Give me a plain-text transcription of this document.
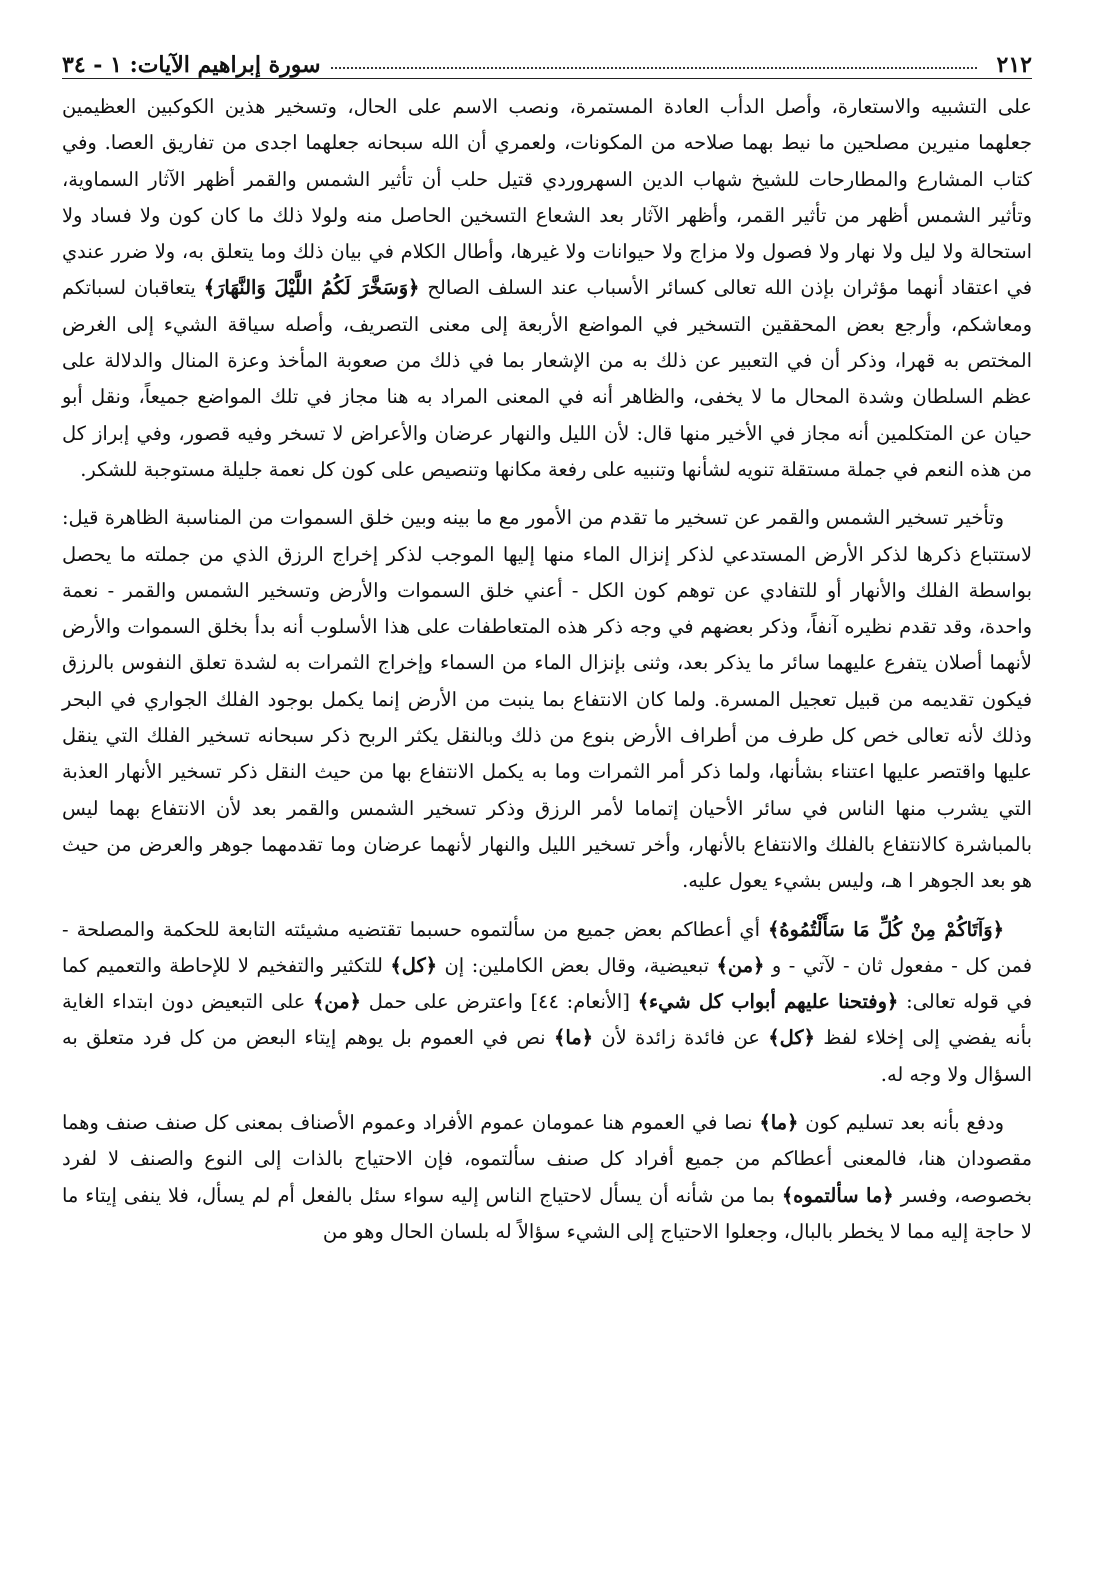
٢١٢
سورة إبراهيم الآيات: ١ - ٣٤

على التشبيه والاستعارة، وأصل الدأب العادة المستمرة، ونصب الاسم على الحال، وتسخير هذين الكوكبين العظيمين جعلهما منيرين مصلحين ما نيط بهما صلاحه من المكونات، ولعمري أن الله سبحانه جعلهما اجدى من تفاريق العصا. وفي كتاب المشارع والمطارحات للشيخ شهاب الدين السهروردي قتيل حلب أن تأثير الشمس والقمر أظهر الآثار السماوية، وتأثير الشمس أظهر من تأثير القمر، وأظهر الآثار بعد الشعاع التسخين الحاصل منه ولولا ذلك ما كان كون ولا فساد ولا استحالة ولا ليل ولا نهار ولا فصول ولا مزاج ولا حيوانات ولا غيرها، وأطال الكلام في بيان ذلك وما يتعلق به، ولا ضرر عندي في اعتقاد أنهما مؤثران بإذن الله تعالى كسائر الأسباب عند السلف الصالح ﴿وَسَخَّرَ لَكُمُ اللَّيْلَ وَالنَّهَارَ﴾ يتعاقبان لسباتكم ومعاشكم، وأرجع بعض المحققين التسخير في المواضع الأربعة إلى معنى التصريف، وأصله سياقة الشيء إلى الغرض المختص به قهرا، وذكر أن في التعبير عن ذلك به من الإشعار بما في ذلك من صعوبة المأخذ وعزة المنال والدلالة على عظم السلطان وشدة المحال ما لا يخفى، والظاهر أنه في المعنى المراد به هنا مجاز في تلك المواضع جميعاً، ونقل أبو حيان عن المتكلمين أنه مجاز في الأخير منها قال: لأن الليل والنهار عرضان والأعراض لا تسخر وفيه قصور، وفي إبراز كل من هذه النعم في جملة مستقلة تنويه لشأنها وتنبيه على رفعة مكانها وتنصيص على كون كل نعمة جليلة مستوجبة للشكر.

وتأخير تسخير الشمس والقمر عن تسخير ما تقدم من الأمور مع ما بينه وبين خلق السموات من المناسبة الظاهرة قيل: لاستتباع ذكرها لذكر الأرض المستدعي لذكر إنزال الماء منها إليها الموجب لذكر إخراج الرزق الذي من جملته ما يحصل بواسطة الفلك والأنهار أو للتفادي عن توهم كون الكل - أعني خلق السموات والأرض وتسخير الشمس والقمر - نعمة واحدة، وقد تقدم نظيره آنفاً، وذكر بعضهم في وجه ذكر هذه المتعاطفات على هذا الأسلوب أنه بدأ بخلق السموات والأرض لأنهما أصلان يتفرع عليهما سائر ما يذكر بعد، وثنى بإنزال الماء من السماء وإخراج الثمرات به لشدة تعلق النفوس بالرزق فيكون تقديمه من قبيل تعجيل المسرة. ولما كان الانتفاع بما ينبت من الأرض إنما يكمل بوجود الفلك الجواري في البحر وذلك لأنه تعالى خص كل طرف من أطراف الأرض بنوع من ذلك وبالنقل يكثر الربح ذكر سبحانه تسخير الفلك التي ينقل عليها واقتصر عليها اعتناء بشأنها، ولما ذكر أمر الثمرات وما به يكمل الانتفاع بها من حيث النقل ذكر تسخير الأنهار العذبة التي يشرب منها الناس في سائر الأحيان إتماما لأمر الرزق وذكر تسخير الشمس والقمر بعد لأن الانتفاع بهما ليس بالمباشرة كالانتفاع بالفلك والانتفاع بالأنهار، وأخر تسخير الليل والنهار لأنهما عرضان وما تقدمهما جوهر والعرض من حيث هو بعد الجوهر ا هـ، وليس بشيء يعول عليه.

﴿وَآتَاكُمْ مِنْ كُلِّ مَا سَأَلْتُمُوهُ﴾ أي أعطاكم بعض جميع من سألتموه حسبما تقتضيه مشيئته التابعة للحكمة والمصلحة - فمن كل - مفعول ثان - لآتي - و ﴿من﴾ تبعيضية، وقال بعض الكاملين: إن ﴿كل﴾ للتكثير والتفخيم لا للإحاطة والتعميم كما في قوله تعالى: ﴿وفتحنا عليهم أبواب كل شيء﴾ [الأنعام: ٤٤] واعترض على حمل ﴿من﴾ على التبعيض دون ابتداء الغاية بأنه يفضي إلى إخلاء لفظ ﴿كل﴾ عن فائدة زائدة لأن ﴿ما﴾ نص في العموم بل يوهم إيتاء البعض من كل فرد متعلق به السؤال ولا وجه له.

ودفع بأنه بعد تسليم كون ﴿ما﴾ نصا في العموم هنا عمومان عموم الأفراد وعموم الأصناف بمعنى كل صنف صنف وهما مقصودان هنا، فالمعنى أعطاكم من جميع أفراد كل صنف سألتموه، فإن الاحتياج بالذات إلى النوع والصنف لا لفرد بخصوصه، وفسر ﴿ما سألتموه﴾ بما من شأنه أن يسأل لاحتياج الناس إليه سواء سئل بالفعل أم لم يسأل، فلا ينفى إيتاء ما لا حاجة إليه مما لا يخطر بالبال، وجعلوا الاحتياج إلى الشيء سؤالاً له بلسان الحال وهو من
